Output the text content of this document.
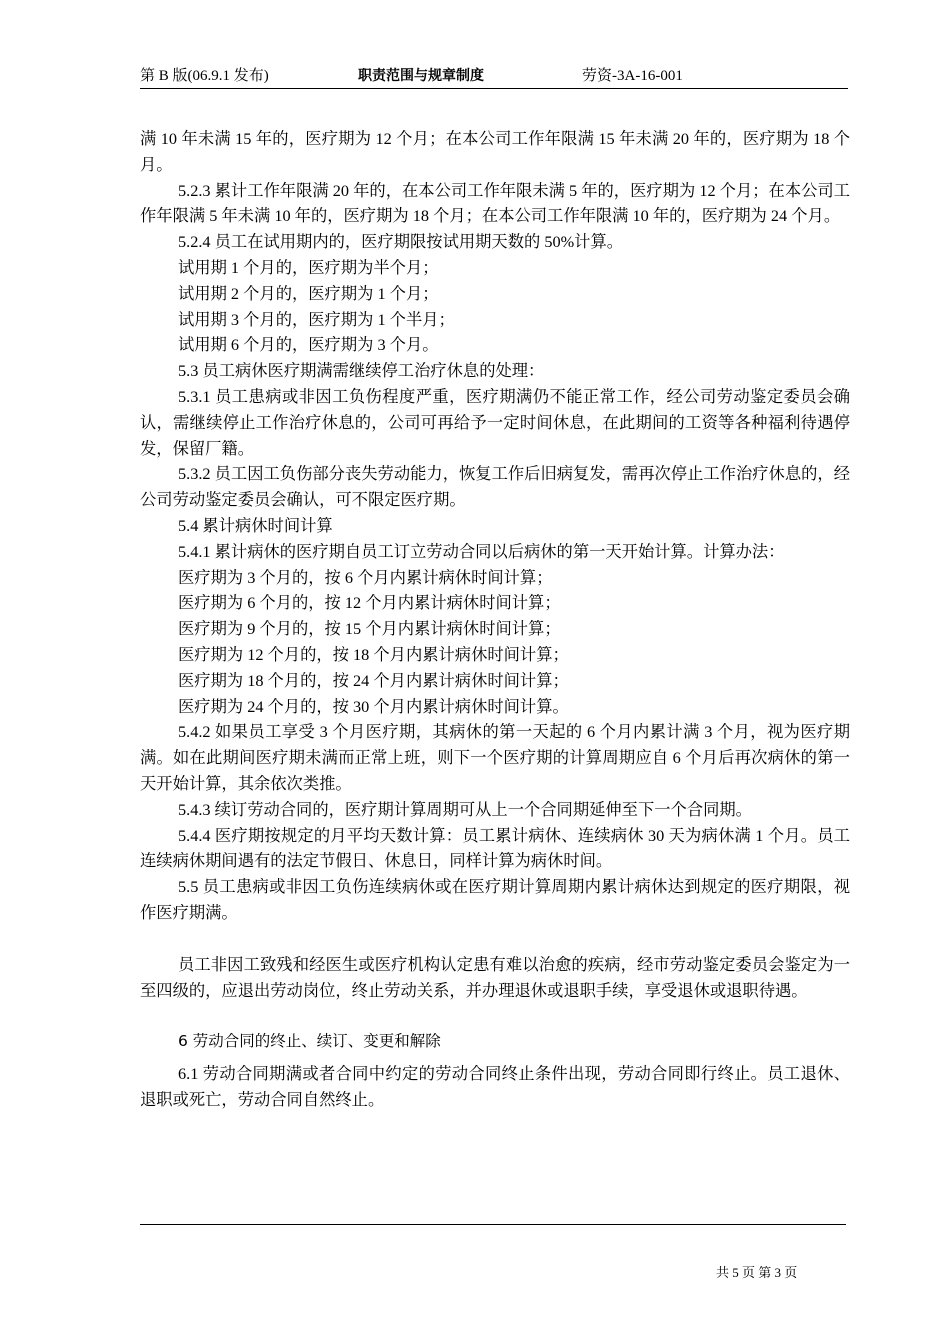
第 B 版(06.9.1 发布)	职责范围与规章制度	劳资-3A-16-001

满 10 年未满 15 年的，医疗期为 12 个月；在本公司工作年限满 15 年未满 20 年的，医疗期为 18 个月。

5.2.3 累计工作年限满 20 年的，在本公司工作年限未满 5 年的，医疗期为 12 个月；在本公司工作年限满 5 年未满 10 年的，医疗期为 18 个月；在本公司工作年限满 10 年的，医疗期为 24 个月。

5.2.4 员工在试用期内的，医疗期限按试用期天数的 50%计算。

试用期 1 个月的，医疗期为半个月；

试用期 2 个月的，医疗期为 1 个月；

试用期 3 个月的，医疗期为 1 个半月；

试用期 6 个月的，医疗期为 3 个月。

5.3 员工病休医疗期满需继续停工治疗休息的处理：

5.3.1 员工患病或非因工负伤程度严重，医疗期满仍不能正常工作，经公司劳动鉴定委员会确认，需继续停止工作治疗休息的，公司可再给予一定时间休息，在此期间的工资等各种福利待遇停发，保留厂籍。

5.3.2 员工因工负伤部分丧失劳动能力，恢复工作后旧病复发，需再次停止工作治疗休息的，经公司劳动鉴定委员会确认，可不限定医疗期。

5.4 累计病休时间计算

5.4.1 累计病休的医疗期自员工订立劳动合同以后病休的第一天开始计算。计算办法：

医疗期为 3 个月的，按 6 个月内累计病休时间计算；

医疗期为 6 个月的，按 12 个月内累计病休时间计算；

医疗期为 9 个月的，按 15 个月内累计病休时间计算；

医疗期为 12 个月的，按 18 个月内累计病休时间计算；

医疗期为 18 个月的，按 24 个月内累计病休时间计算；

医疗期为 24 个月的，按 30 个月内累计病休时间计算。

5.4.2 如果员工享受 3 个月医疗期，其病休的第一天起的 6 个月内累计满 3 个月，视为医疗期满。如在此期间医疗期未满而正常上班，则下一个医疗期的计算周期应自 6 个月后再次病休的第一天开始计算，其余依次类推。

5.4.3 续订劳动合同的，医疗期计算周期可从上一个合同期延伸至下一个合同期。

5.4.4 医疗期按规定的月平均天数计算：员工累计病休、连续病休 30 天为病休满 1 个月。员工连续病休期间遇有的法定节假日、休息日，同样计算为病休时间。

5.5 员工患病或非因工负伤连续病休或在医疗期计算周期内累计病休达到规定的医疗期限，视作医疗期满。

员工非因工致残和经医生或医疗机构认定患有难以治愈的疾病，经市劳动鉴定委员会鉴定为一至四级的，应退出劳动岗位，终止劳动关系，并办理退休或退职手续，享受退休或退职待遇。

6 劳动合同的终止、续订、变更和解除

6.1 劳动合同期满或者合同中约定的劳动合同终止条件出现，劳动合同即行终止。员工退休、退职或死亡，劳动合同自然终止。

共 5 页 第 3 页
